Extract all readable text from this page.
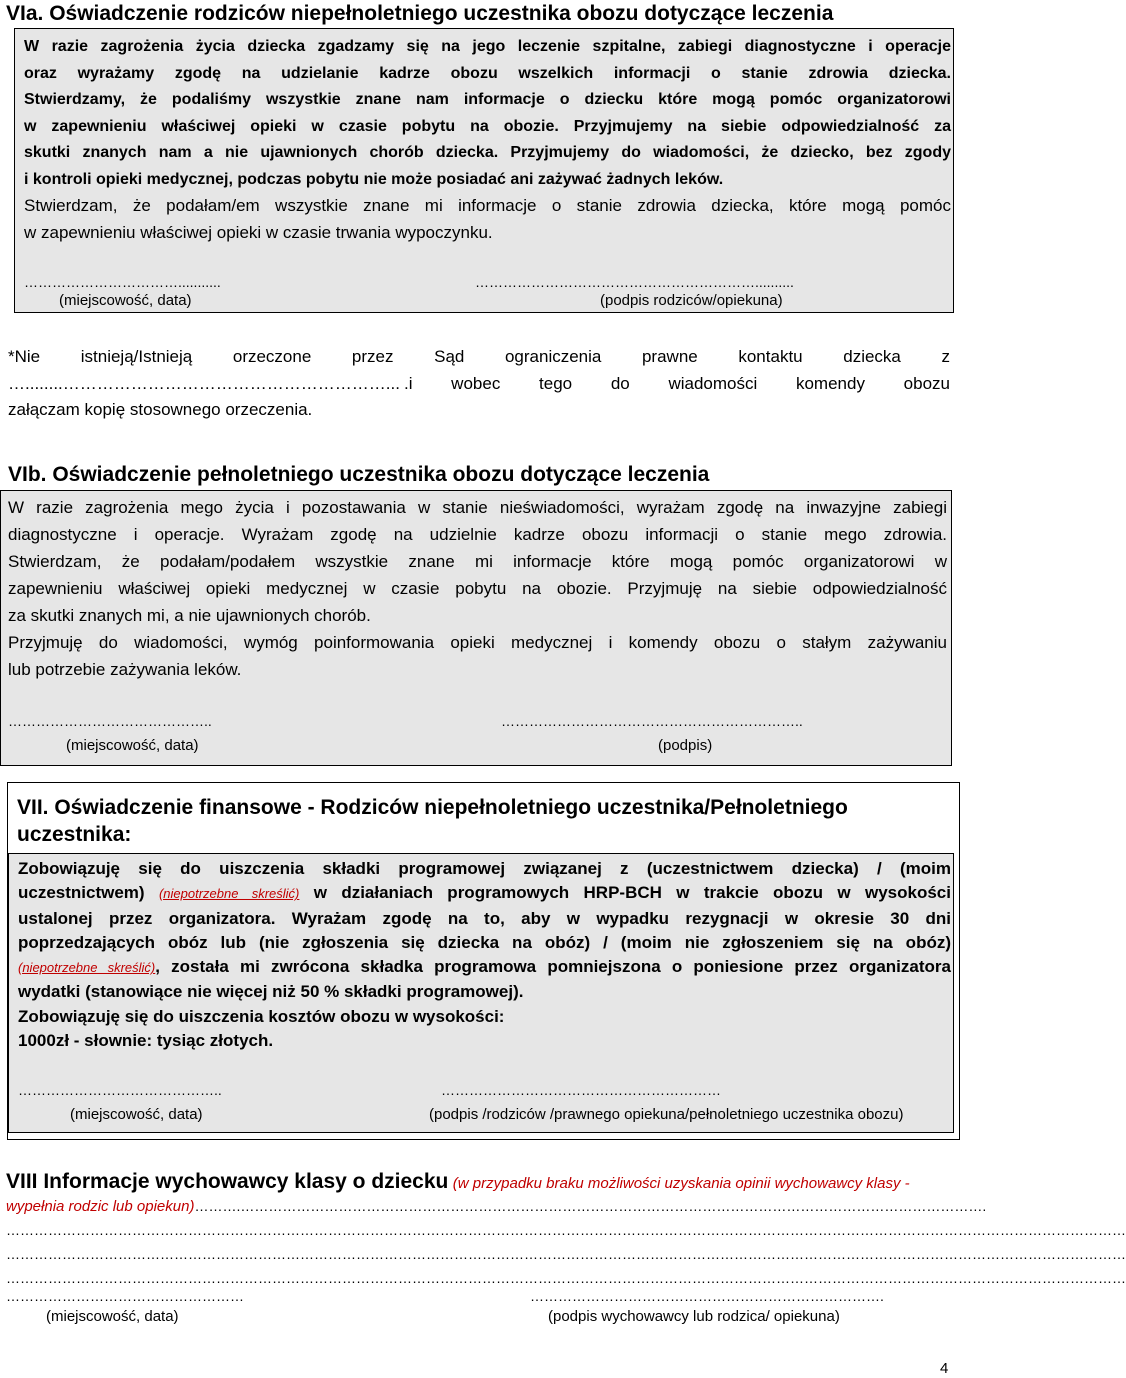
VIa. Oświadczenie rodziców niepełnoletniego uczestnika obozu dotyczące leczenia

W razie zagrożenia życia dziecka zgadzamy się na jego leczenie szpitalne, zabiegi diagnostyczne i operacje

oraz wyrażamy zgodę na udzielanie kadrze obozu wszelkich informacji o stanie zdrowia dziecka.

Stwierdzamy, że podaliśmy wszystkie znane nam informacje o dziecku które mogą pomóc organizatorowi

w zapewnieniu właściwej opieki w czasie pobytu na obozie. Przyjmujemy na siebie odpowiedzialność za

skutki znanych nam a nie ujawnionych chorób dziecka. Przyjmujemy do wiadomości, że dziecko, bez zgody

i kontroli opieki medycznej, podczas pobytu nie może posiadać ani zażywać żadnych leków.

Stwierdzam, że podałam/em wszystkie znane mi informacje o stanie zdrowia dziecka, które mogą pomóc

w zapewnieniu właściwej opieki w czasie trwania wypoczynku.

……………………………...........	……………………………………………………..........
(miejscowość, data)	(podpis rodziców/opiekuna)
*Nie istnieją/Istnieją orzeczone przez Sąd ograniczenia prawne kontaktu dziecka z
…........…………………………………………………... .i wobec tego do wiadomości komendy obozu
załączam kopię stosownego orzeczenia.
VIb. Oświadczenie pełnoletniego uczestnika obozu dotyczące leczenia

W razie zagrożenia mego życia i pozostawania w stanie nieświadomości, wyrażam zgodę na inwazyjne zabiegi

diagnostyczne i operacje. Wyrażam zgodę na udzielnie kadrze obozu informacji o stanie mego zdrowia.

Stwierdzam, że podałam/podałem wszystkie znane mi informacje które mogą pomóc organizatorowi w

zapewnieniu właściwej opieki medycznej w czasie pobytu na obozie. Przyjmuję na siebie odpowiedzialność

za skutki znanych mi, a nie ujawnionych chorób.

Przyjmuję do wiadomości, wymóg poinformowania opieki medycznej i komendy obozu o stałym zażywaniu

lub potrzebie zażywania leków.

……………………………………..	………………………………………………………..
(miejscowość, data)	(podpis)
VII. Oświadczenie finansowe - Rodziców niepełnoletniego uczestnika/Pełnoletniego
uczestnika:

Zobowiązuję się do uiszczenia składki programowej związanej z (uczestnictwem dziecka) / (moim

uczestnictwem) (niepotrzebne skreślić) w działaniach programowych HRP-BCH w trakcie obozu w wysokości

ustalonej przez organizatora. Wyrażam zgodę na to, aby w wypadku rezygnacji w okresie 30 dni

poprzedzających obóz lub (nie zgłoszenia się dziecka na obóz) / (moim nie zgłoszeniem się na obóz)

(niepotrzebne skreślić), została mi zwrócona składka programowa pomniejszona o poniesione przez organizatora

wydatki (stanowiące nie więcej niż 50 % składki programowej).

Zobowiązuję się do uiszczenia kosztów obozu w wysokości:

1000zł - słownie: tysiąc złotych.

……………………………………..	……………………………………………………
(miejscowość, data)	(podpis /rodziców /prawnego opiekuna/pełnoletniego uczestnika obozu)
VIII Informacje wychowawcy klasy o dziecku (w przypadku braku możliwości uzyskania opinii wychowawcy klasy -
wypełnia rodzic lub opiekun)……….…………………………………………………………………………………………………………………………………………….
……………………………………………………………………………………………………………………………………………………………………………………………………………………
……………………………………………………………………………………………………………………………………………………………………………………………………………………
……………………………………………………………………………………………………………………………………………………………………………………………………………………
……………………………………………	………………………………………………………………….
(miejscowość, data)	(podpis wychowawcy lub rodzica/ opiekuna)
4
